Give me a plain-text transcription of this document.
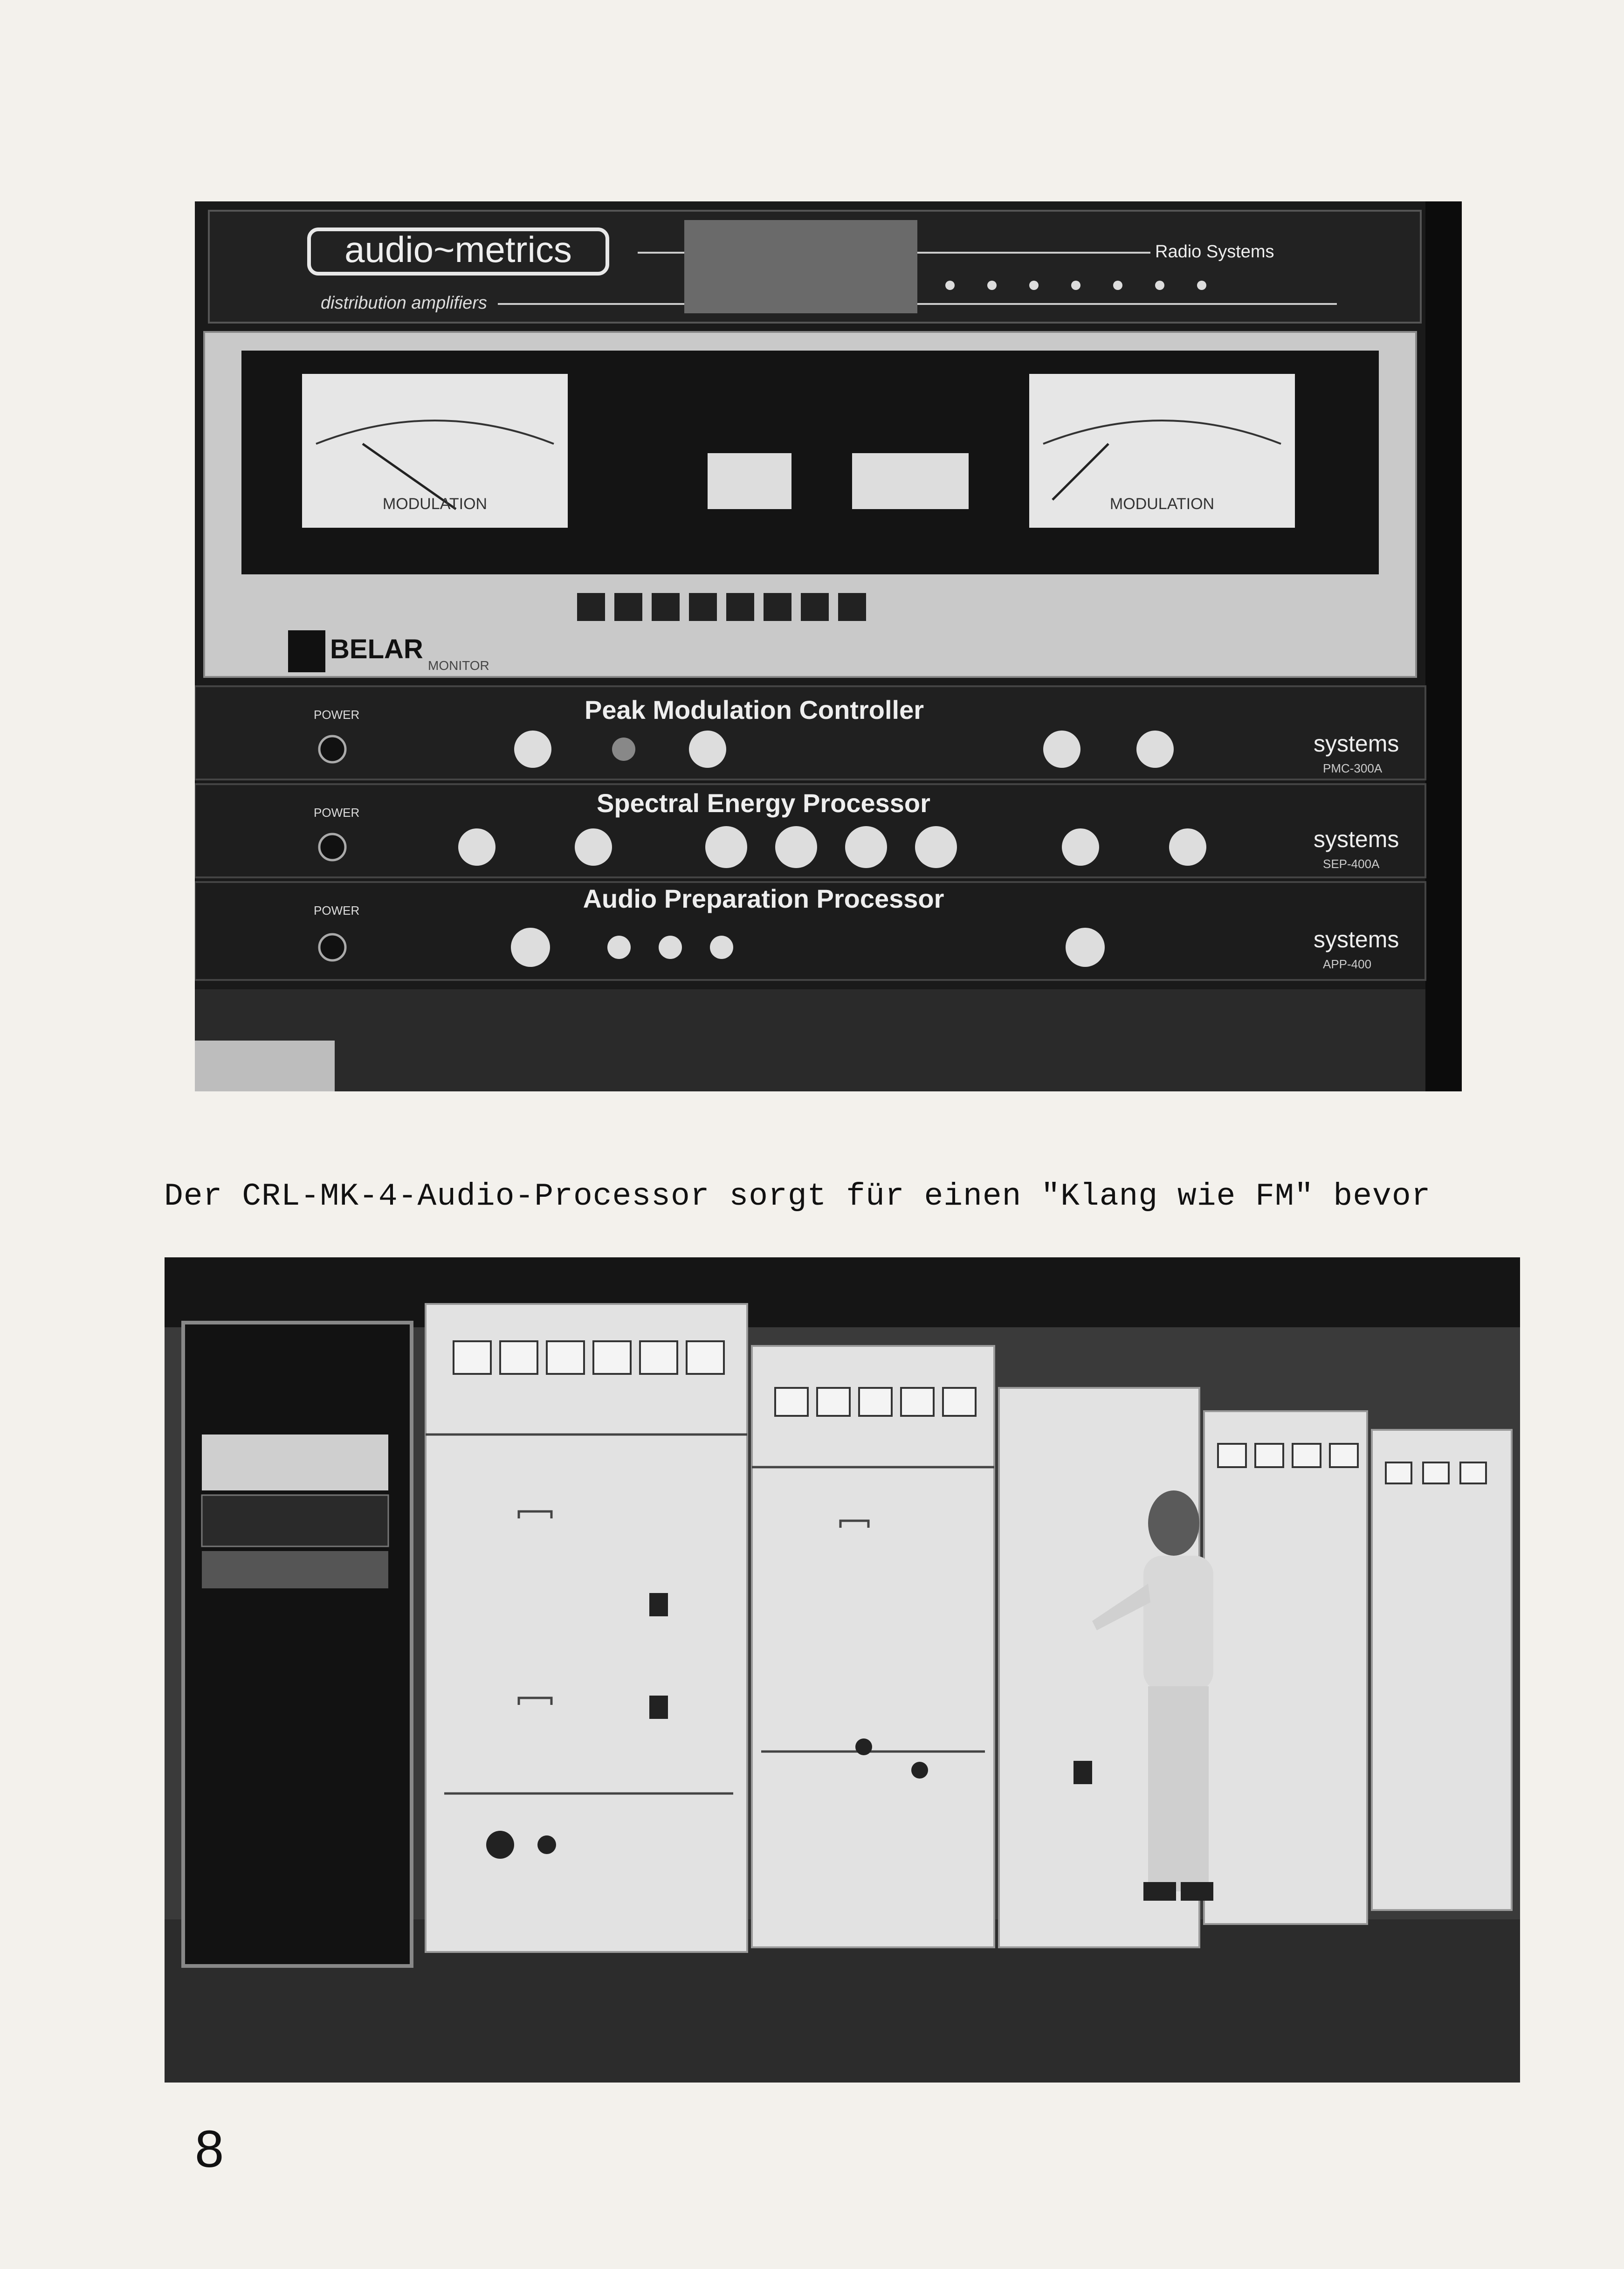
audio~metrics
distribution amplifiers
Radio Systems
MODULATION	MODULATION
BELAR
MONITOR
Peak Modulation Controller
systems
PMC-300A
POWER
Spectral Energy Processor
systems
SEP-400A
POWER
Audio Preparation Processor
systems
APP-400
POWER

Der CRL-MK-4-Audio-Processor sorgt für einen "Klang wie FM" bevor

8
